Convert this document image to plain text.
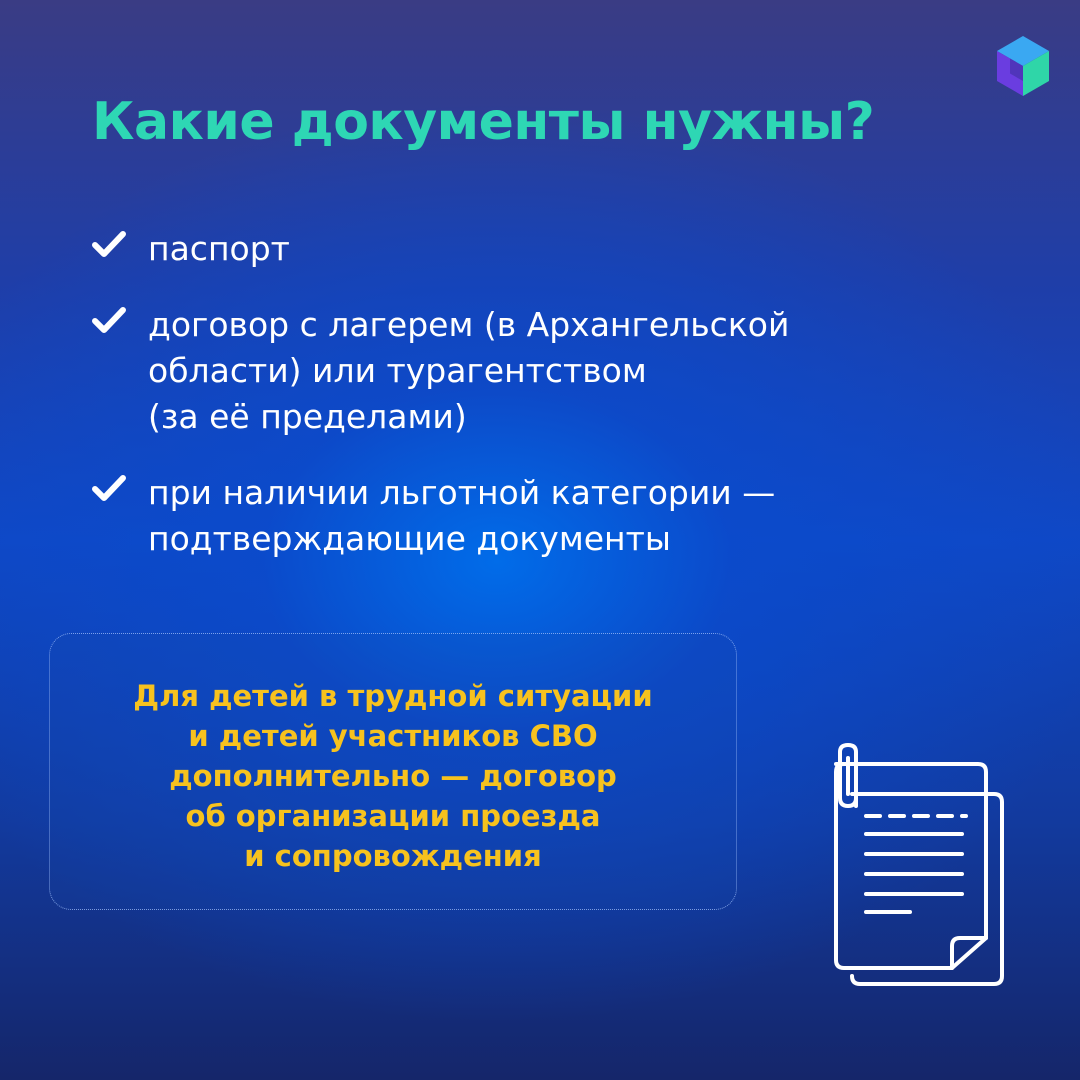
Какие документы нужны?
паспорт
договор с лагерем (в Архангельской
области) или турагентством
(за её пределами)
при наличии льготной категории —
подтверждающие документы

Для детей в трудной ситуации
и детей участников СВО
дополнительно — договор
об организации проезда
и сопровождения
